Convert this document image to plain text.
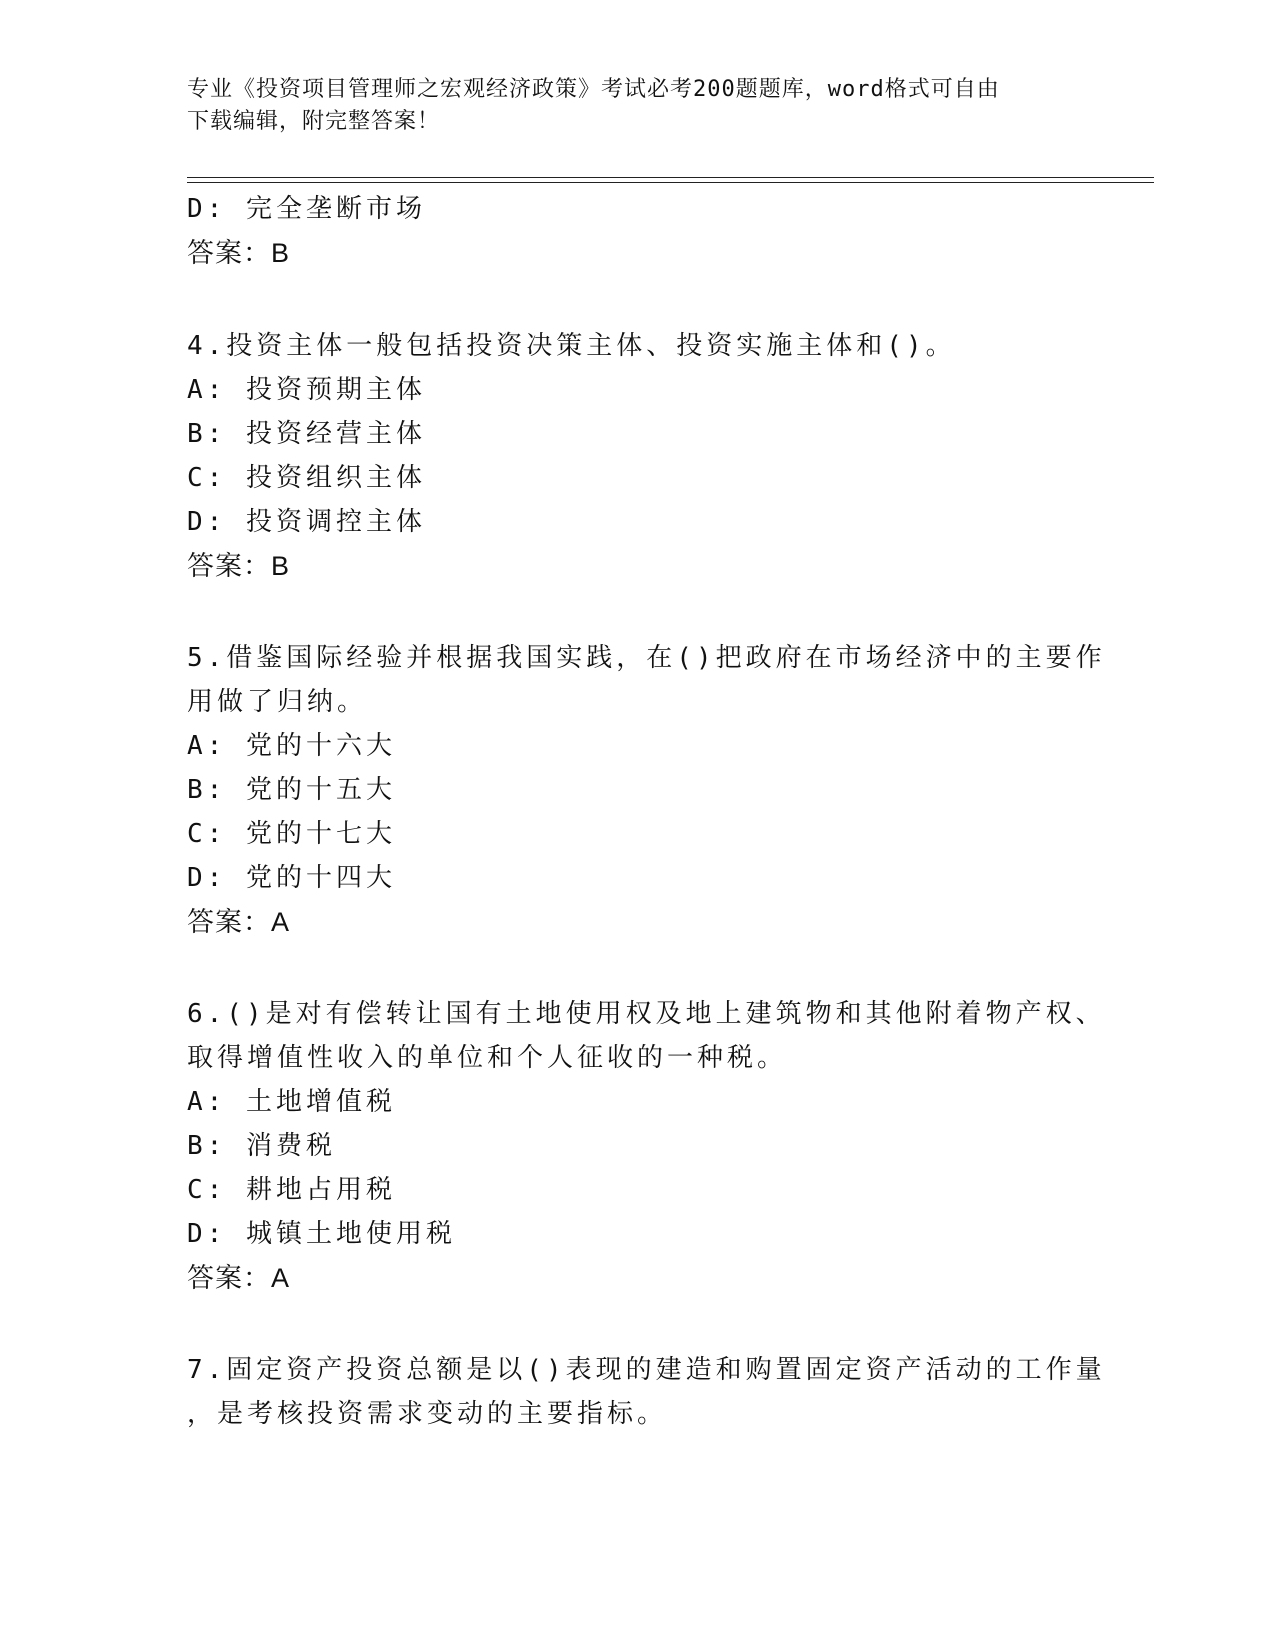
专业《投资项目管理师之宏观经济政策》考试必考200题题库，word格式可自由
下载编辑，附完整答案！
D: 完全垄断市场
答案：B
4.投资主体一般包括投资决策主体、投资实施主体和()。
A: 投资预期主体
B: 投资经营主体
C: 投资组织主体
D: 投资调控主体
答案：B
5.借鉴国际经验并根据我国实践，在()把政府在市场经济中的主要作
用做了归纳。
A: 党的十六大
B: 党的十五大
C: 党的十七大
D: 党的十四大
答案：A
6.()是对有偿转让国有土地使用权及地上建筑物和其他附着物产权、
取得增值性收入的单位和个人征收的一种税。
A: 土地增值税
B: 消费税
C: 耕地占用税
D: 城镇土地使用税
答案：A
7.固定资产投资总额是以()表现的建造和购置固定资产活动的工作量
，是考核投资需求变动的主要指标。
